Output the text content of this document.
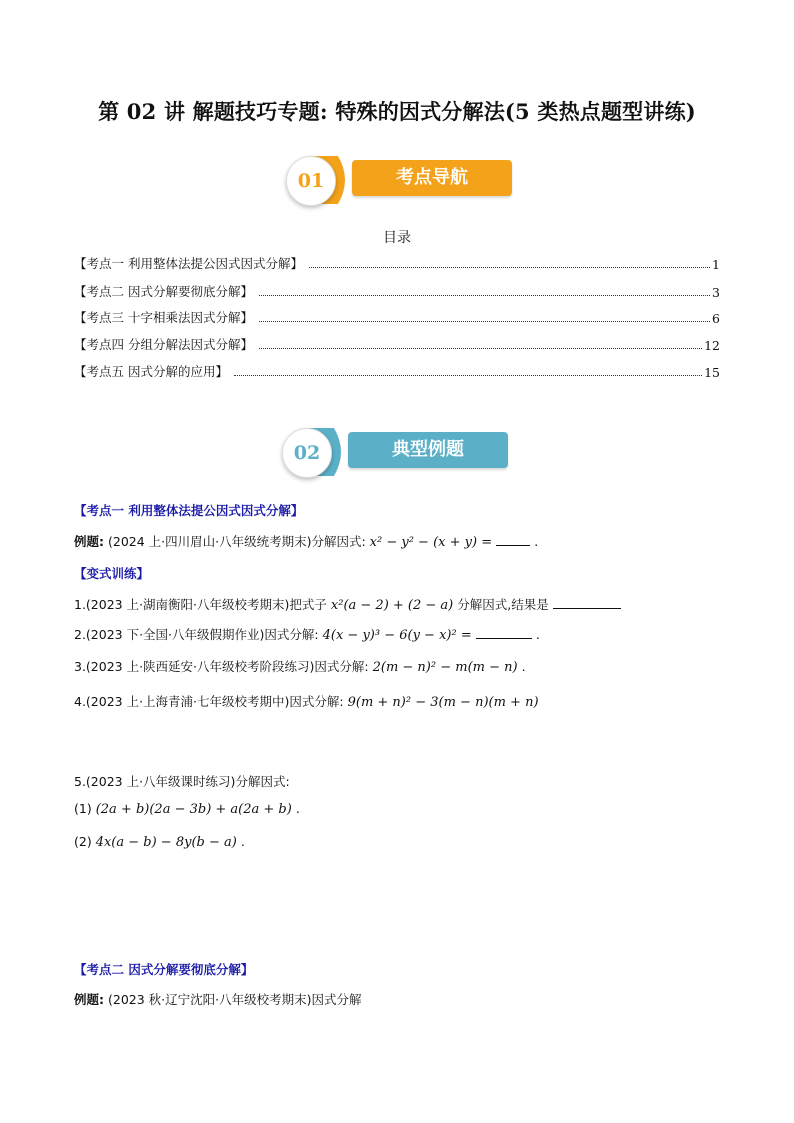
第 02 讲 解题技巧专题: 特殊的因式分解法(5 类热点题型讲练)
01	考点导航
目录
【考点一 利用整体法提公因式因式分解】	1
【考点二 因式分解要彻底分解】	3
【考点三 十字相乘法因式分解】	6
【考点四 分组分解法因式分解】	12
【考点五 因式分解的应用】	15
02	典型例题
【考点一 利用整体法提公因式因式分解】
例题: (2024 上·四川眉山·八年级统考期末)分解因式: x² − y² − (x + y) =	.
【变式训练】
1.(2023 上·湖南衡阳·八年级校考期末)把式子 x²(a − 2) + (2 − a) 分解因式,结果是
2.(2023 下·全国·八年级假期作业)因式分解: 4(x − y)³ − 6(y − x)² =	.
3.(2023 上·陕西延安·八年级校考阶段练习)因式分解: 2(m − n)² − m(m − n) .
4.(2023 上·上海青浦·七年级校考期中)因式分解: 9(m + n)² − 3(m − n)(m + n)
5.(2023 上·八年级课时练习)分解因式:
(1) (2a + b)(2a − 3b) + a(2a + b) .
(2) 4x(a − b) − 8y(b − a) .
【考点二 因式分解要彻底分解】
例题: (2023 秋·辽宁沈阳·八年级校考期末)因式分解
